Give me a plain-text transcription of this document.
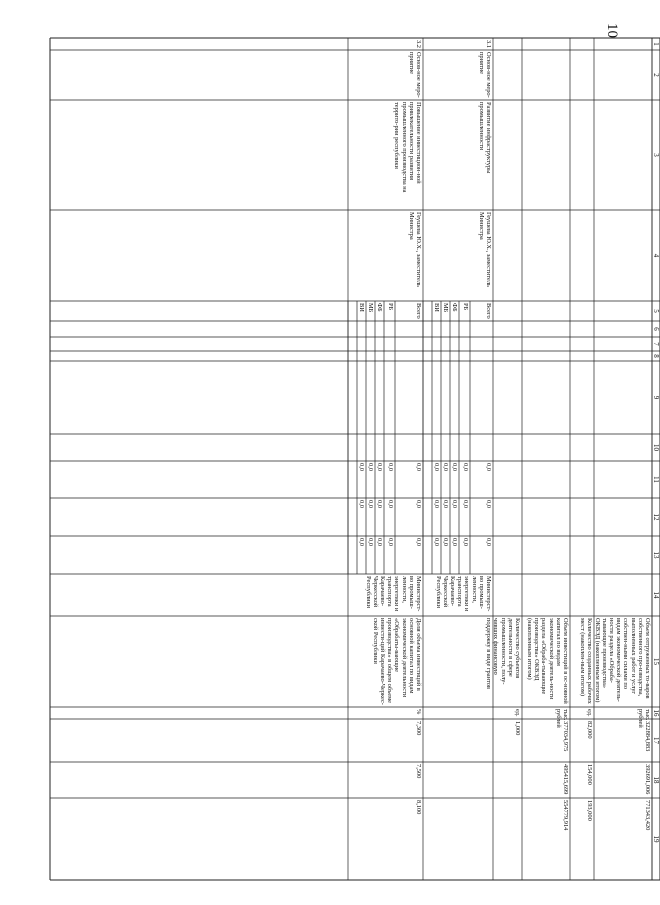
10
1
2
3
4
5
6
7
8
9
10
11
12
13
14
15
16
17
18
19
Объем отгруженных то-варов собственного про-изводства, выполненных работ и услуг собствен-ными силами по видам экономической деятель-ности раздела «Обраба-тывающие производства» ОКВЭД (накопленным итогом)
тыс. рублей
322884,883
392691,006
771343,420
Количество созданных рабочих мест (накоплен-ным итогом)
ед.
82,000
154,000
193,000
Объем инвестиций в ос-новной капитал по видам экономической деятель-ности раздела «Обраба-тывающие производства» ОКВЭД (накопленным итогом)
тыс. рублей
377034,975
495415,699
554779,914
Количество субъектов деятельности в сфере промышленности, полу-чивших финансовую поддержку в виде грантов
ед.
1,000
3.1
Основ-ное меро-приятие
Развитие инфраструктуры промышленности
Геушева Ю.Х., заместитель Министра
Министерст-во промыш-ленности, энергетики и транспорта Карачаево-Черкесской Республики
Всего
0,0
0,0
0,0
РБ
0,0
0,0
0,0
ФБ
0,0
0,0
0,0
МБ
0,0
0,0
0,0
ВИ
0,0
0,0
0,0
3.2
Основ-ное меро-приятие
Повышение инвестицион-ной привлекательности развития промышленного производства на террито-рии республики
Геушева Ю.Х., заместитель Министра
Министерст-во промыш-ленности, энергетики и транспорта Карачаево-Черкесской Республики
Доля объема инвестиций в основной капитал по видам экономической деятельности «Обрабаты-вающие производства» в общем объеме инвести-ций Карачаево-Черкес-ской Республики
%
7,300
7,500
8,100
Всего
0,0
0,0
0,0
РБ
0,0
0,0
0,0
ФБ
0,0
0,0
0,0
МБ
0,0
0,0
0,0
ВИ
0,0
0,0
0,0
